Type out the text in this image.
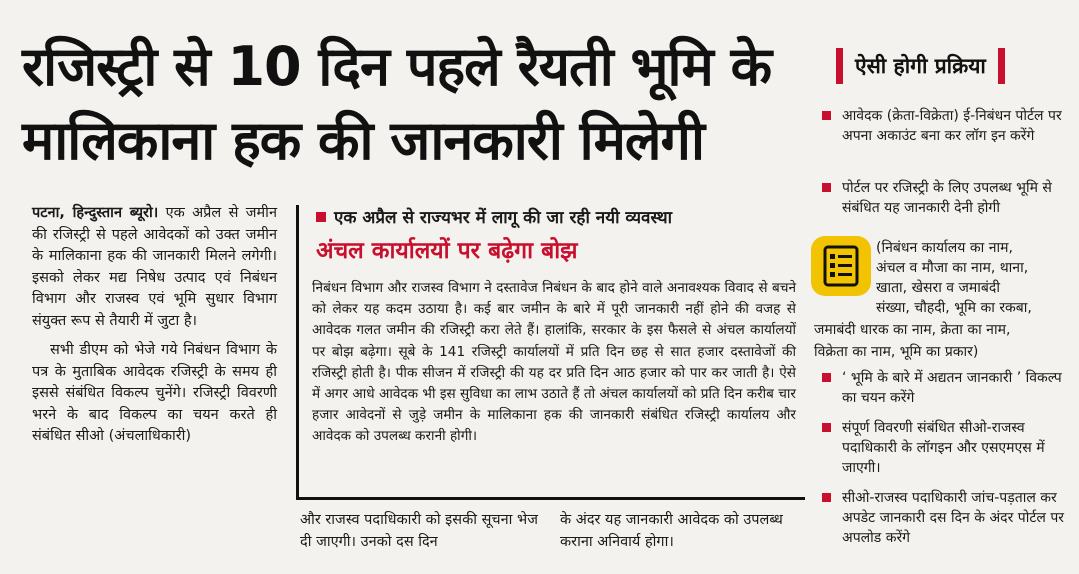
रजिस्ट्री से 10 दिन पहले रैयती भूमि के
मालिकाना हक की जानकारी मिलेगी
ऐसी होगी प्रक्रिया
आवेदक (क्रेता-विक्रेता) ई-निबंधन पोर्टल पर अपना अकाउंट बना कर लॉग इन करेंगे
पोर्टल पर रजिस्ट्री के लिए उपलब्ध भूमि से संबंधित यह जानकारी देनी होगी
(निबंधन कार्यालय का नाम,
अंचल व मौजा का नाम, थाना,
खाता, खेसरा व जमाबंदी
संख्या, चौहदी, भूमि का रकबा,
जमाबंदी धारक का नाम, क्रेता का नाम,
विक्रेता का नाम, भूमि का प्रकार)
‘ भूमि के बारे में अद्यतन जानकारी ’ विकल्प का चयन करेंगे
संपूर्ण विवरणी संबंधित सीओ-राजस्व पदाधिकारी के लॉगइन और एसएमएस में जाएगी।
सीओ-राजस्व पदाधिकारी जांच-पड़ताल कर अपडेट जानकारी दस दिन के अंदर पोर्टल पर अपलोड करेंगे

पटना, हिन्दुस्तान ब्यूरो। एक अप्रैल से जमीन की रजिस्ट्री से पहले आवेदकों को उक्त जमीन के मालिकाना हक की जानकारी मिलने लगेगी। इसको लेकर मद्य निषेध उत्पाद एवं निबंधन विभाग और राजस्व एवं भूमि सुधार विभाग संयुक्त रूप से तैयारी में जुटा है।

सभी डीएम को भेजे गये निबंधन विभाग के पत्र के मुताबिक आवेदक रजिस्ट्री के समय ही इससे संबंधित विकल्प चुनेंगे। रजिस्ट्री विवरणी भरने के बाद विकल्प का चयन करते ही संबंधित सीओ (अंचलाधिकारी)

एक अप्रैल से राज्यभर में लागू की जा रही नयी व्यवस्था
अंचल कार्यालयों पर बढ़ेगा बोझ
निबंधन विभाग और राजस्व विभाग ने दस्तावेज निबंधन के बाद होने वाले अनावश्यक विवाद से बचने को लेकर यह कदम उठाया है। कई बार जमीन के बारे में पूरी जानकारी नहीं होने की वजह से आवेदक गलत जमीन की रजिस्ट्री करा लेते हैं। हालांकि, सरकार के इस फैसले से अंचल कार्यालयों पर बोझ बढ़ेगा। सूबे के 141 रजिस्ट्री कार्यालयों में प्रति दिन छह से सात हजार दस्तावेजों की रजिस्ट्री होती है। पीक सीजन में रजिस्ट्री की यह दर प्रति दिन आठ हजार को पार कर जाती है। ऐसे में अगर आधे आवेदक भी इस सुविधा का लाभ उठाते हैं तो अंचल कार्यालयों को प्रति दिन करीब चार हजार आवेदनों से जुड़े जमीन के मालिकाना हक की जानकारी संबंधित रजिस्ट्री कार्यालय और आवेदक को उपलब्ध करानी होगी।
और राजस्व पदाधिकारी को इसकी सूचना भेज दी जाएगी। उनको दस दिन
के अंदर यह जानकारी आवेदक को उपलब्ध कराना अनिवार्य होगा।
